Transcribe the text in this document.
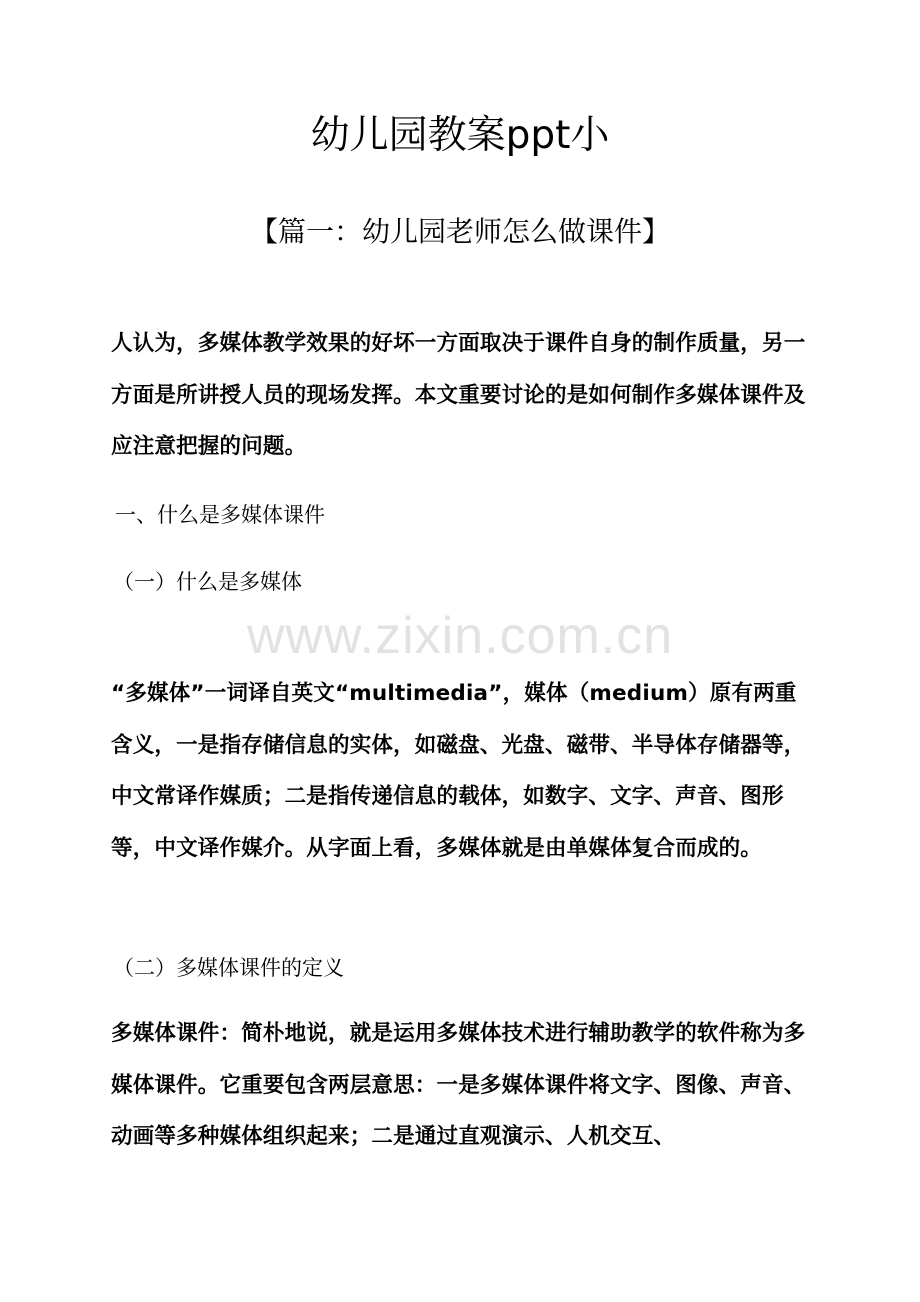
幼儿园教案ppt小
【篇一：幼儿园老师怎么做课件】

人认为，多媒体教学效果的好坏一方面取决于课件自身的制作质量，另一方面是所讲授人员的现场发挥。本文重要讨论的是如何制作多媒体课件及应注意把握的问题。

一、什么是多媒体课件
（一）什么是多媒体
www.zixin.com.cn

“多媒体”一词译自英文“multimedia”，媒体（medium）原有两重含义，一是指存储信息的实体，如磁盘、光盘、磁带、半导体存储器等，中文常译作媒质；二是指传递信息的载体，如数字、文字、声音、图形等，中文译作媒介。从字面上看，多媒体就是由单媒体复合而成的。

（二）多媒体课件的定义

多媒体课件：简朴地说，就是运用多媒体技术进行辅助教学的软件称为多媒体课件。它重要包含两层意思：一是多媒体课件将文字、图像、声音、动画等多种媒体组织起来；二是通过直观演示、人机交互、
